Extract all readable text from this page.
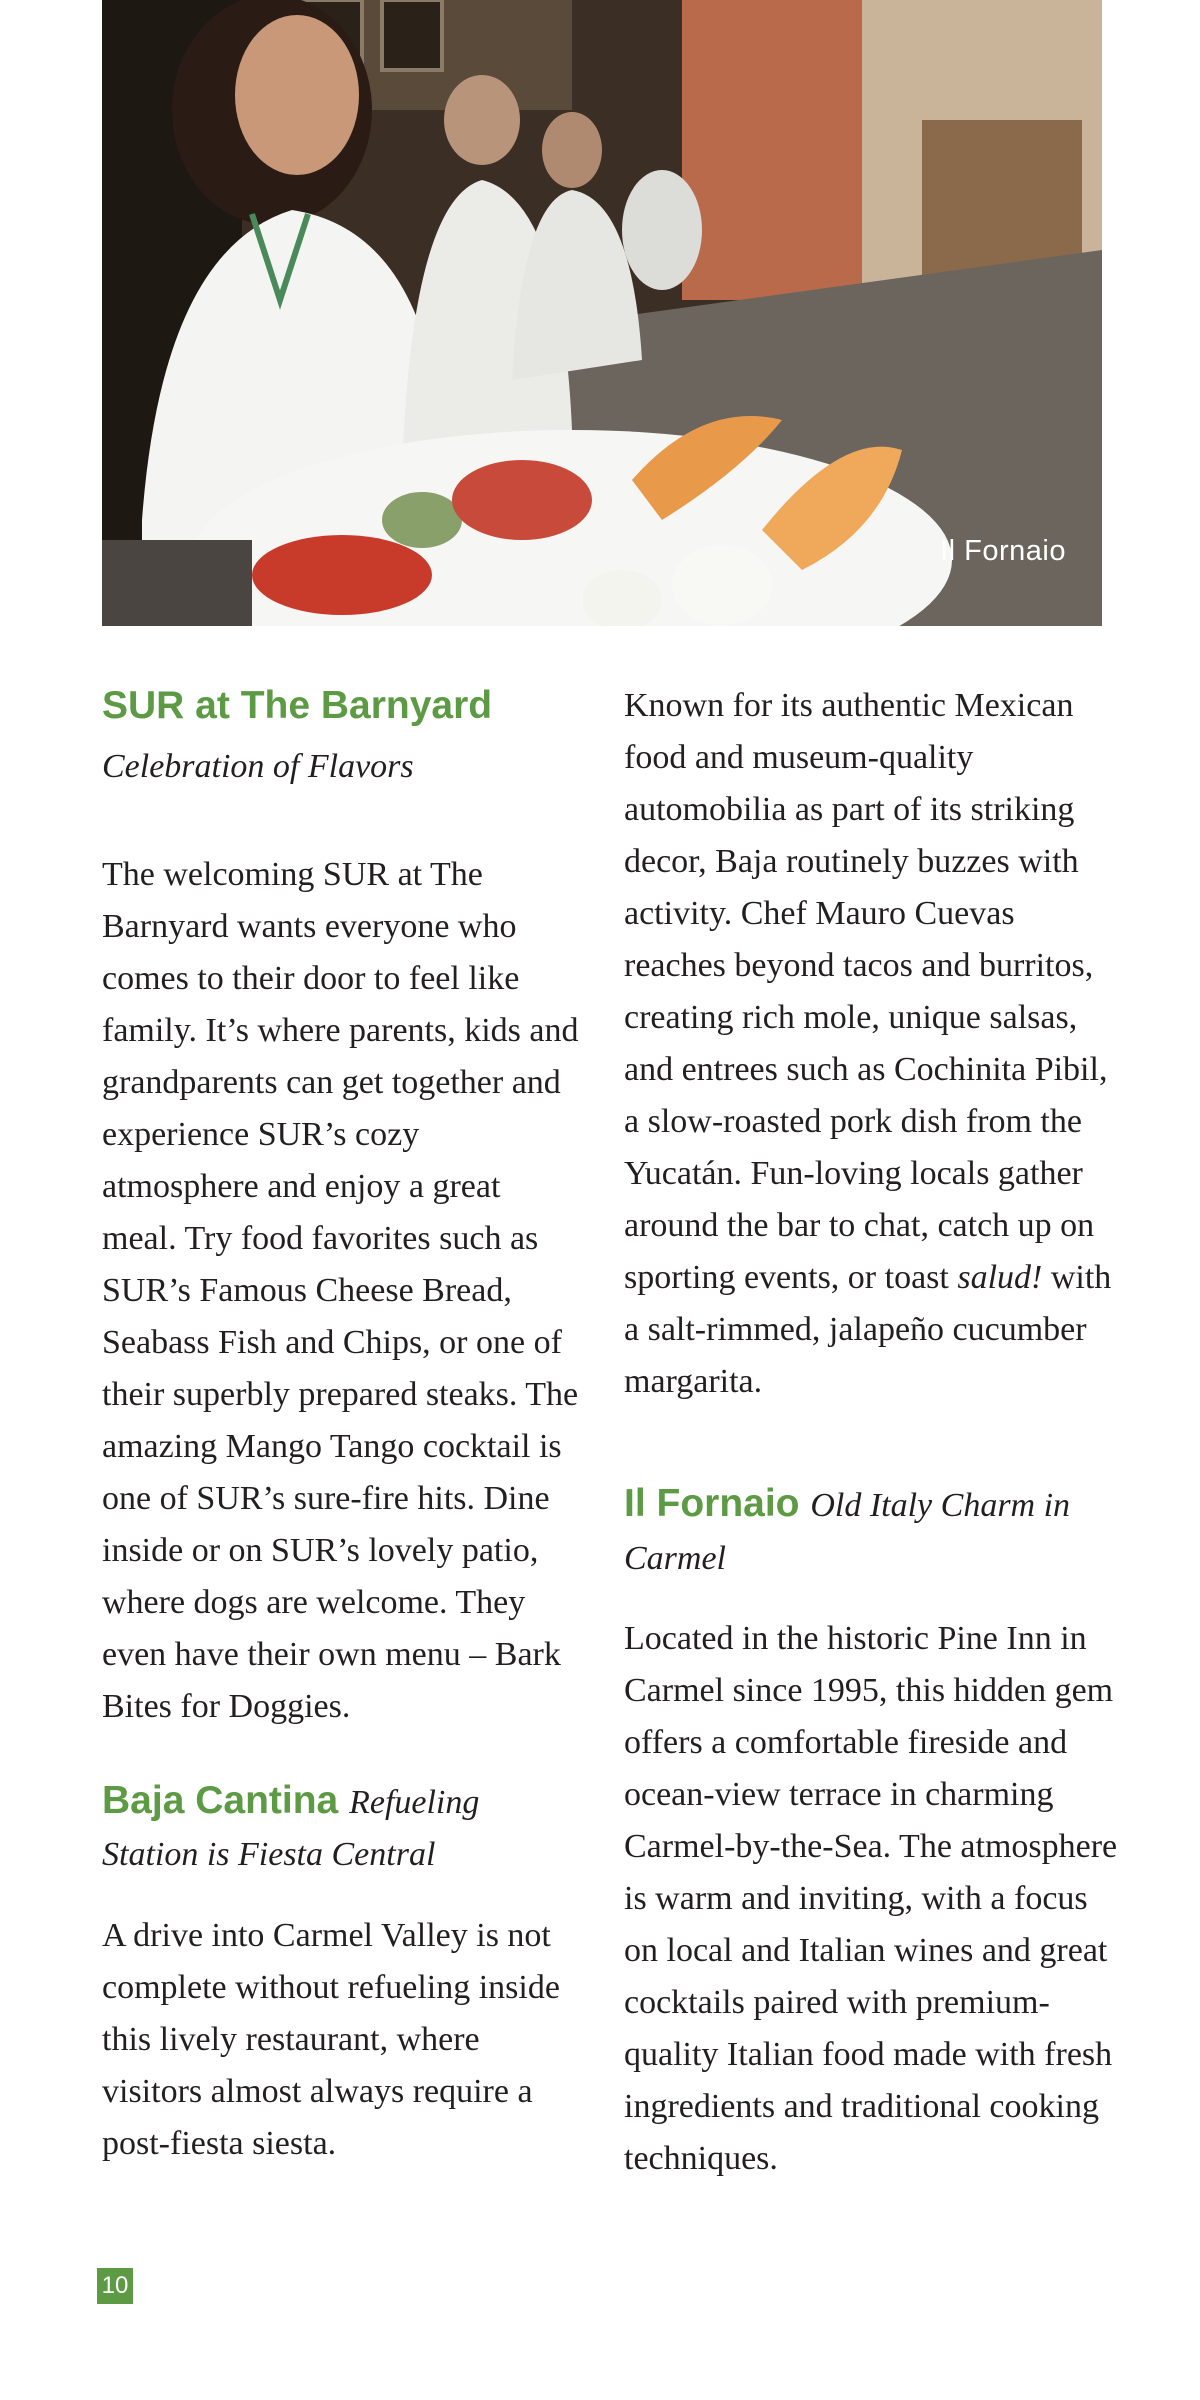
Il Fornaio
SUR at The Barnyard
Celebration of Flavors

The welcoming SUR at The Barnyard wants everyone who comes to their door to feel like family. It’s where parents, kids and grandparents can get together and experience SUR’s cozy atmosphere and enjoy a great meal. Try food favorites such as SUR’s Famous Cheese Bread, Seabass Fish and Chips, or one of their superbly prepared steaks. The amazing Mango Tango cocktail is one of SUR’s sure-fire hits. Dine inside or on SUR’s lovely patio, where dogs are welcome. They even have their own menu – Bark Bites for Doggies.

Baja Cantina Refueling Station is Fiesta Central

A drive into Carmel Valley is not complete without refueling inside this lively restaurant, where visitors almost always require a post-fiesta siesta.

Known for its authentic Mexican food and museum-quality automobilia as part of its striking decor, Baja routinely buzzes with activity. Chef Mauro Cuevas reaches beyond tacos and burritos, creating rich mole, unique salsas, and entrees such as Cochinita Pibil, a slow-roasted pork dish from the Yucatán. Fun-loving locals gather around the bar to chat, catch up on sporting events, or toast salud! with a salt-rimmed, jalapeño cucumber margarita.

Il Fornaio Old Italy Charm in Carmel

Located in the historic Pine Inn in Carmel since 1995, this hidden gem offers a comfortable fireside and ocean-view terrace in charming Carmel-by-the-Sea. The atmosphere is warm and inviting, with a focus on local and Italian wines and great cocktails paired with premium-quality Italian food made with fresh ingredients and traditional cooking techniques.

10
